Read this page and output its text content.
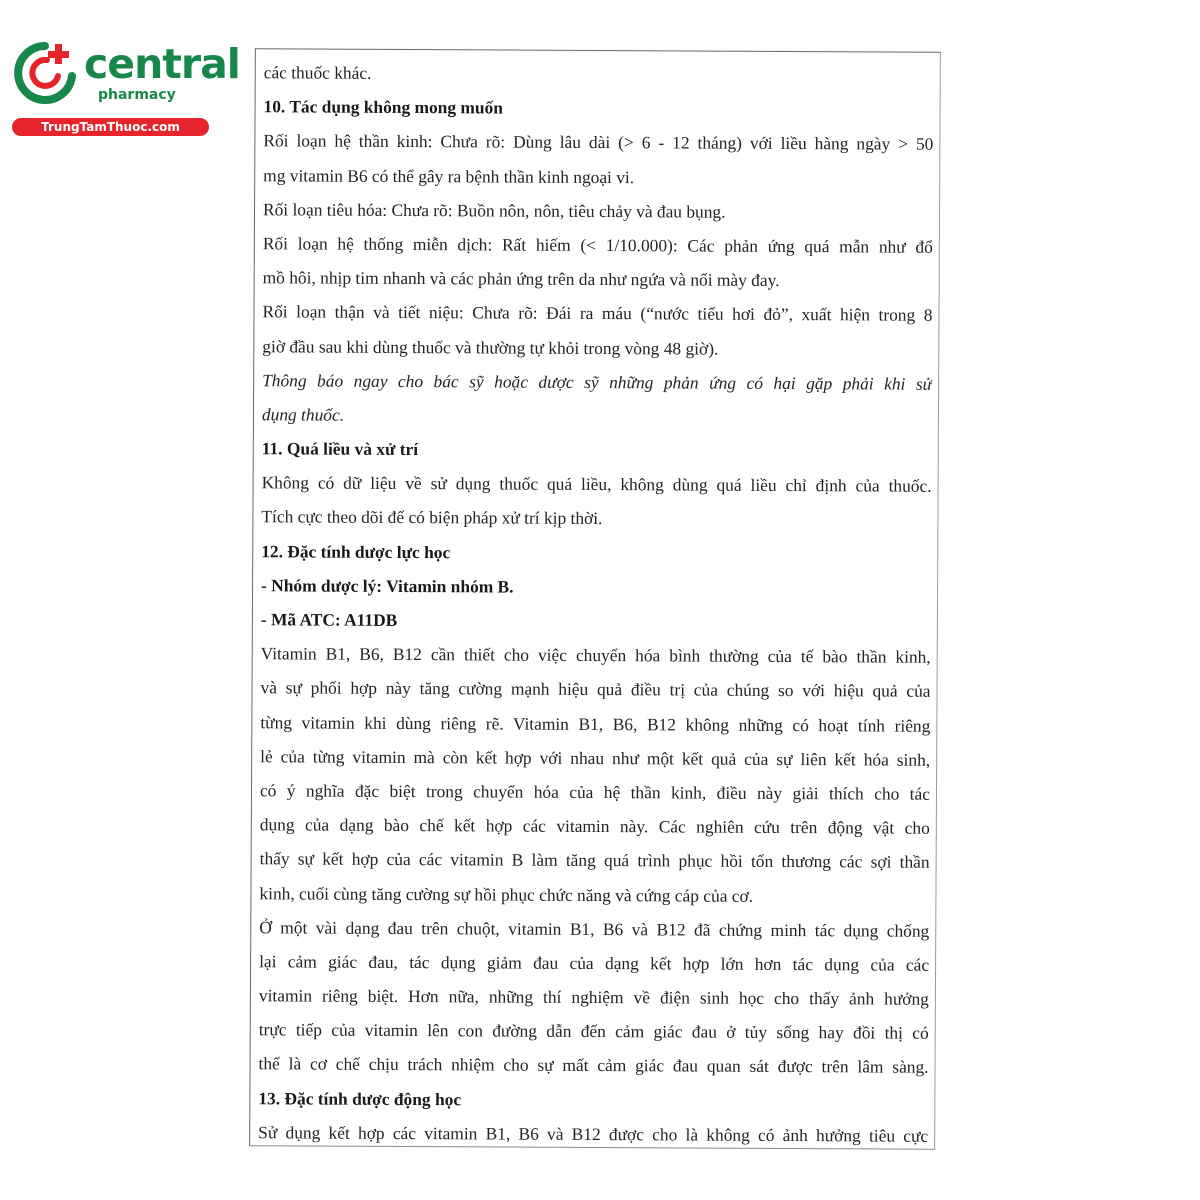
central
pharmacy
TrungTamThuoc.com
các thuốc khác.
10. Tác dụng không mong muốn
Rối loạn hệ thần kinh: Chưa rõ: Dùng lâu dài (> 6 - 12 tháng) với liều hàng ngày > 50
mg vitamin B6 có thể gây ra bệnh thần kinh ngoại vi.
Rối loạn tiêu hóa: Chưa rõ: Buồn nôn, nôn, tiêu chảy và đau bụng.
Rối loạn hệ thống miễn dịch: Rất hiếm (< 1/10.000): Các phản ứng quá mẫn như đổ
mồ hôi, nhịp tim nhanh và các phản ứng trên da như ngứa và nổi mày đay.
Rối loạn thận và tiết niệu: Chưa rõ: Đái ra máu (“nước tiểu hơi đỏ”, xuất hiện trong 8
giờ đầu sau khi dùng thuốc và thường tự khỏi trong vòng 48 giờ).
Thông báo ngay cho bác sỹ hoặc dược sỹ những phản ứng có hại gặp phải khi sử
dụng thuốc.
11. Quá liều và xử trí
Không có dữ liệu về sử dụng thuốc quá liều, không dùng quá liều chỉ định của thuốc.
Tích cực theo dõi để có biện pháp xử trí kịp thời.
12. Đặc tính dược lực học
- Nhóm dược lý: Vitamin nhóm B.
- Mã ATC: A11DB
Vitamin B1, B6, B12 cần thiết cho việc chuyển hóa bình thường của tế bào thần kinh,
và sự phối hợp này tăng cường mạnh hiệu quả điều trị của chúng so với hiệu quả của
từng vitamin khi dùng riêng rẽ. Vitamin B1, B6, B12 không những có hoạt tính riêng
lẻ của từng vitamin mà còn kết hợp với nhau như một kết quả của sự liên kết hóa sinh,
có ý nghĩa đặc biệt trong chuyển hóa của hệ thần kinh, điều này giải thích cho tác
dụng của dạng bào chế kết hợp các vitamin này. Các nghiên cứu trên động vật cho
thấy sự kết hợp của các vitamin B làm tăng quá trình phục hồi tổn thương các sợi thần
kinh, cuối cùng tăng cường sự hồi phục chức năng và cứng cáp của cơ.
Ở một vài dạng đau trên chuột, vitamin B1, B6 và B12 đã chứng minh tác dụng chống
lại cảm giác đau, tác dụng giảm đau của dạng kết hợp lớn hơn tác dụng của các
vitamin riêng biệt. Hơn nữa, những thí nghiệm về điện sinh học cho thấy ảnh hưởng
trực tiếp của vitamin lên con đường dẫn đến cảm giác đau ở tủy sống hay đồi thị có
thể là cơ chế chịu trách nhiệm cho sự mất cảm giác đau quan sát được trên lâm sàng.
13. Đặc tính dược động học
Sử dụng kết hợp các vitamin B1, B6 và B12 được cho là không có ảnh hưởng tiêu cực
